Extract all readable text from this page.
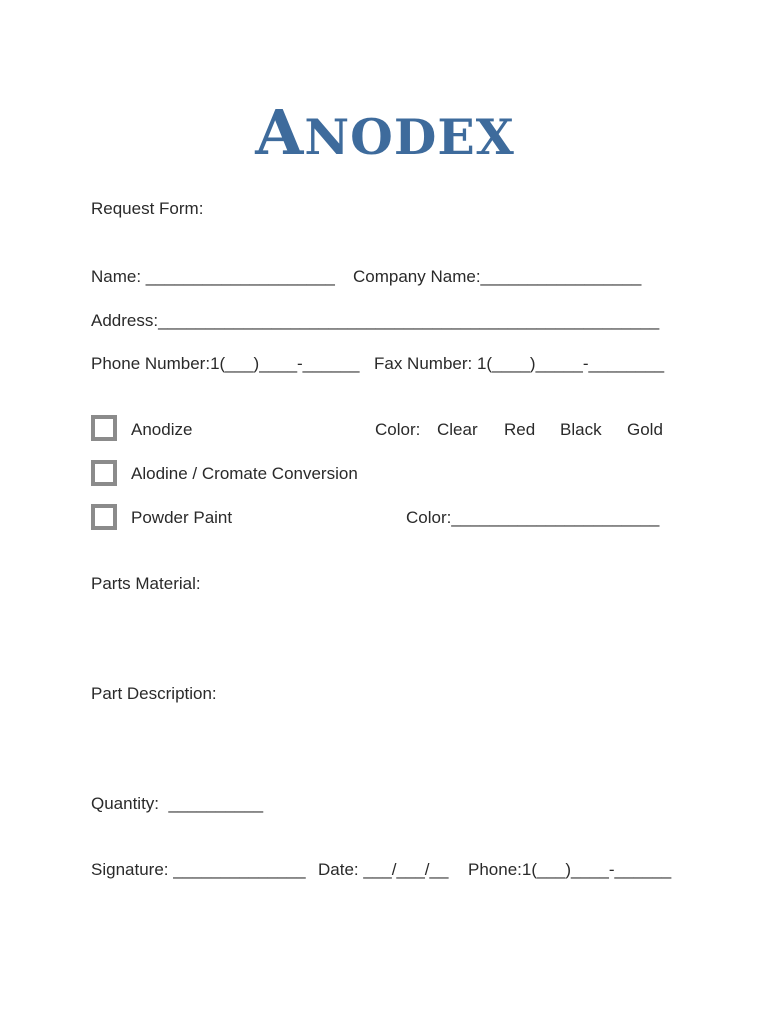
ANODEX
Request Form:
Name: ____________________ Company Name:_________________
Address:_____________________________________________________
Phone Number:1(___)____-______ Fax Number: 1(____)_____-________
Anodize	Color: Clear Red Black Gold
Alodine / Cromate Conversion
Powder Paint	Color:______________________
Parts Material:
Part Description:
Quantity:  __________
Signature: ______________ Date: ___/___/__ Phone:1(___)____-______
